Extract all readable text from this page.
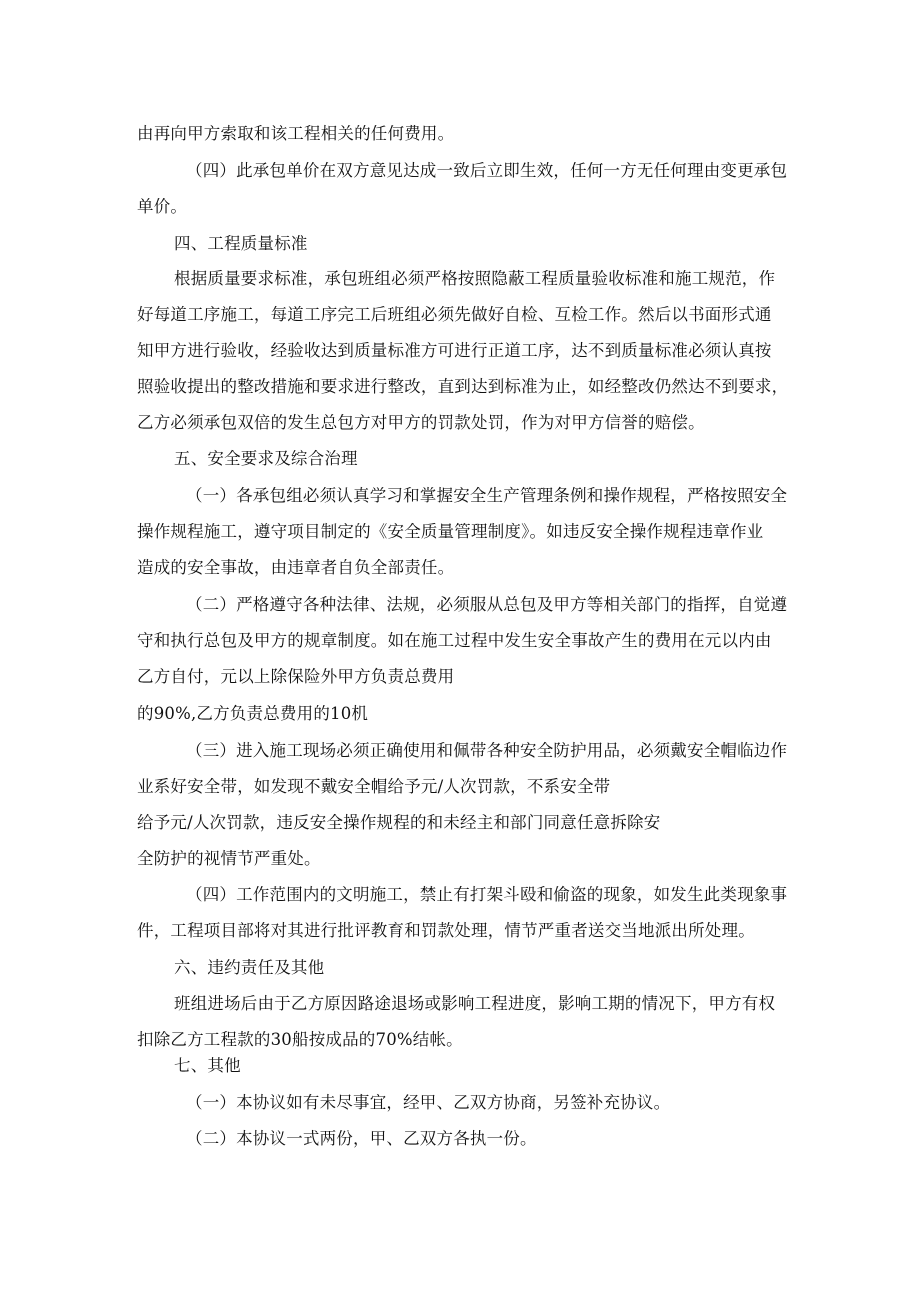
由再向甲方索取和该工程相关的任何费用。
（四）此承包单价在双方意见达成一致后立即生效，任何一方无任何理由变更承包
单价。
四、工程质量标准
根据质量要求标准，承包班组必须严格按照隐蔽工程质量验收标准和施工规范，作
好每道工序施工，每道工序完工后班组必须先做好自检、互检工作。然后以书面形式通
知甲方进行验收，经验收达到质量标准方可进行正道工序，达不到质量标准必须认真按
照验收提出的整改措施和要求进行整改，直到达到标准为止，如经整改仍然达不到要求，
乙方必须承包双倍的发生总包方对甲方的罚款处罚，作为对甲方信誉的赔偿。
五、安全要求及综合治理
（一）各承包组必须认真学习和掌握安全生产管理条例和操作规程，严格按照安全
操作规程施工，遵守项目制定的《安全质量管理制度》。如违反安全操作规程违章作业
造成的安全事故，由违章者自负全部责任。
（二）严格遵守各种法律、法规，必须服从总包及甲方等相关部门的指挥，自觉遵
守和执行总包及甲方的规章制度。如在施工过程中发生安全事故产生的费用在元以内由
乙方自付，元以上除保险外甲方负责总费用
的90%,乙方负责总费用的10机
（三）进入施工现场必须正确使用和佩带各种安全防护用品，必须戴安全帽临边作
业系好安全带，如发现不戴安全帽给予元/人次罚款，不系安全带
给予元/人次罚款，违反安全操作规程的和未经主和部门同意任意拆除安
全防护的视情节严重处。
（四）工作范围内的文明施工，禁止有打架斗殴和偷盗的现象，如发生此类现象事
件，工程项目部将对其进行批评教育和罚款处理，情节严重者送交当地派出所处理。
六、违约责任及其他
班组进场后由于乙方原因路途退场或影响工程进度，影响工期的情况下，甲方有权
扣除乙方工程款的30船按成品的70%结帐。
七、其他
（一）本协议如有未尽事宜，经甲、乙双方协商，另签补充协议。
（二）本协议一式两份，甲、乙双方各执一份。
